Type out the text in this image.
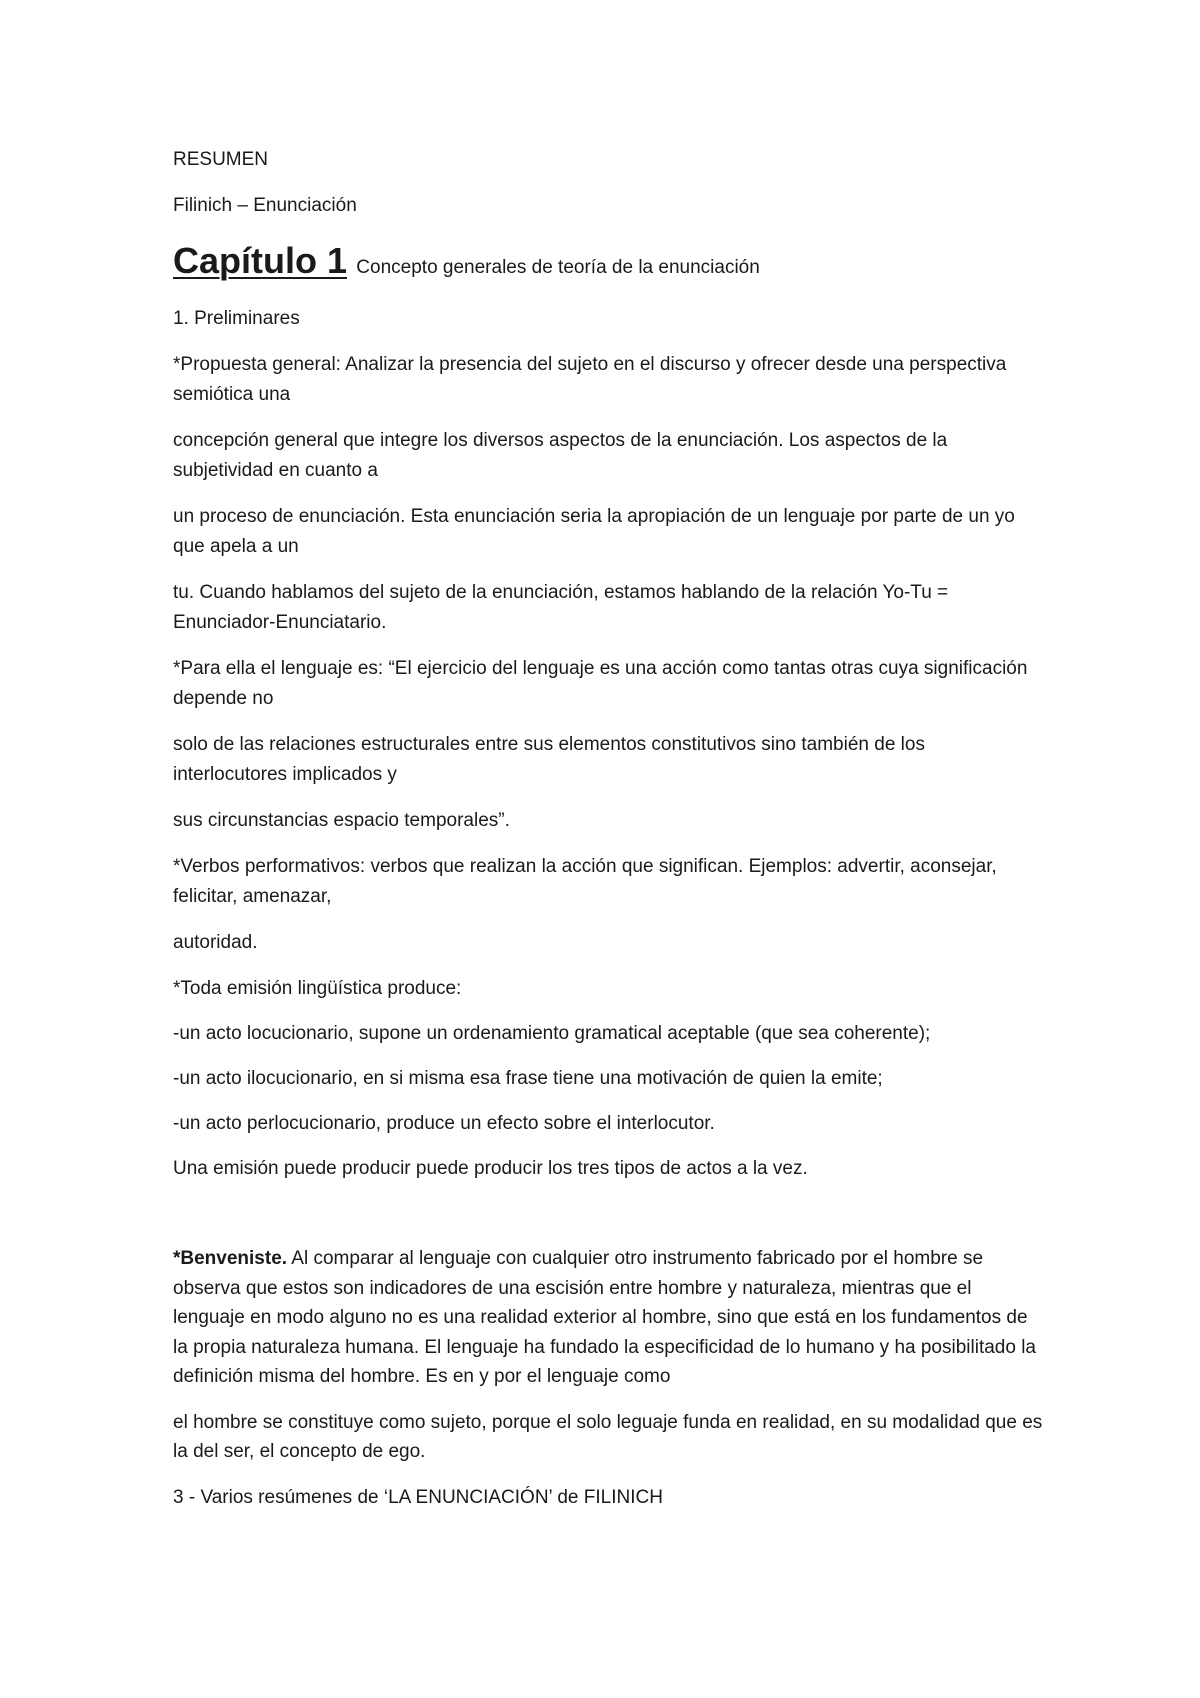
RESUMEN
Filinich – Enunciación
Capítulo 1 Concepto generales de teoría de la enunciación
1. Preliminares
*Propuesta general: Analizar la presencia del sujeto en el discurso y ofrecer desde una perspectiva semiótica una
concepción general que integre los diversos aspectos de la enunciación. Los aspectos de la subjetividad en cuanto a
un proceso de enunciación. Esta enunciación seria la apropiación de un lenguaje por parte de un yo que apela a un
tu. Cuando hablamos del sujeto de la enunciación, estamos hablando de la relación Yo-Tu = Enunciador-Enunciatario.
*Para ella el lenguaje es: “El ejercicio del lenguaje es una acción como tantas otras cuya significación depende no
solo de las relaciones estructurales entre sus elementos constitutivos sino también de los interlocutores implicados y
sus circunstancias espacio temporales”.
*Verbos performativos: verbos que realizan la acción que significan. Ejemplos: advertir, aconsejar, felicitar, amenazar,
autoridad.
*Toda emisión lingüística produce:
-un acto locucionario, supone un ordenamiento gramatical aceptable (que sea coherente);
-un acto ilocucionario, en si misma esa frase tiene una motivación de quien la emite;
-un acto perlocucionario, produce un efecto sobre el interlocutor.
Una emisión puede producir puede producir los tres tipos de actos a la vez.
*Benveniste. Al comparar al lenguaje con cualquier otro instrumento fabricado por el hombre se observa que estos son indicadores de una escisión entre hombre y naturaleza, mientras que el lenguaje en modo alguno no es una realidad exterior al hombre, sino que está en los fundamentos de la propia naturaleza humana. El lenguaje ha fundado la especificidad de lo humano y ha posibilitado la definición misma del hombre. Es en y por el lenguaje como
el hombre se constituye como sujeto, porque el solo leguaje funda en realidad, en su modalidad que es la del ser, el concepto de ego.
3 - Varios resúmenes de ‘LA ENUNCIACIÓN’ de FILINICH
